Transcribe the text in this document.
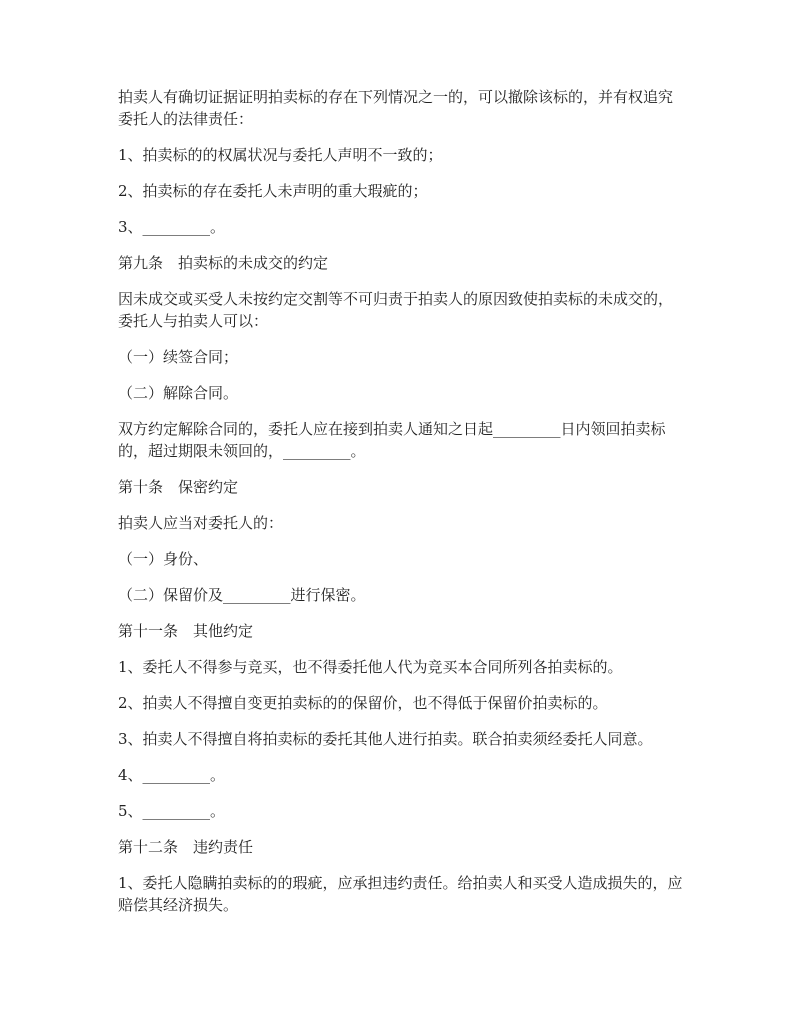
拍卖人有确切证据证明拍卖标的存在下列情况之一的，可以撤除该标的，并有权追究委托人的法律责任：

1、拍卖标的的权属状况与委托人声明不一致的；

2、拍卖标的存在委托人未声明的重大瑕疵的；

3、_________。

第九条　拍卖标的未成交的约定

因未成交或买受人未按约定交割等不可归责于拍卖人的原因致使拍卖标的未成交的，委托人与拍卖人可以：

（一）续签合同；

（二）解除合同。

双方约定解除合同的，委托人应在接到拍卖人通知之日起_________日内领回拍卖标的，超过期限未领回的，_________。

第十条　保密约定

拍卖人应当对委托人的：

（一）身份、

（二）保留价及_________进行保密。

第十一条　其他约定

1、委托人不得参与竞买，也不得委托他人代为竞买本合同所列各拍卖标的。

2、拍卖人不得擅自变更拍卖标的的保留价，也不得低于保留价拍卖标的。

3、拍卖人不得擅自将拍卖标的委托其他人进行拍卖。联合拍卖须经委托人同意。

4、_________。

5、_________。

第十二条　违约责任

1、委托人隐瞒拍卖标的的瑕疵，应承担违约责任。给拍卖人和买受人造成损失的，应赔偿其经济损失。
